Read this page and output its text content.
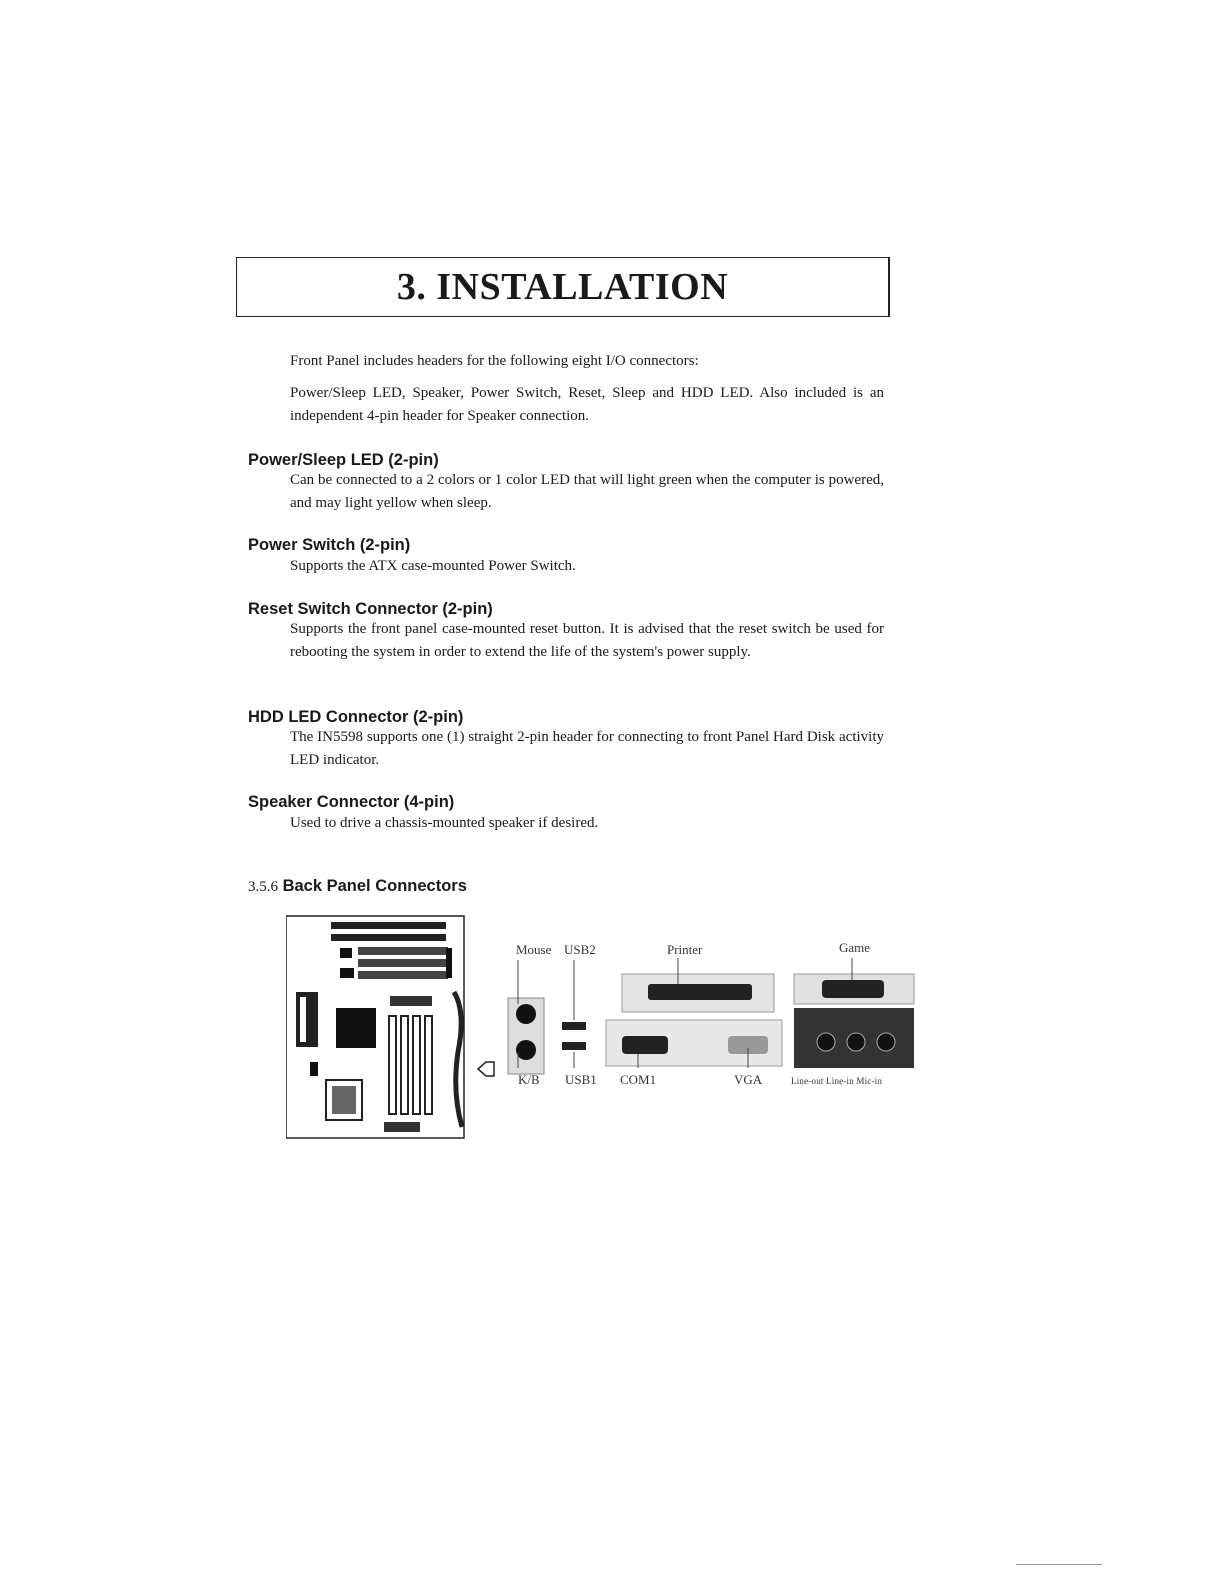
3. INSTALLATION
Front Panel includes headers for the following eight I/O connectors:
Power/Sleep LED, Speaker, Power Switch, Reset, Sleep and HDD LED. Also included is an independent 4-pin header for Speaker connection.
Power/Sleep LED (2-pin)
Can be connected to a 2 colors or 1 color LED that will light green when the computer is powered, and may light yellow when sleep.
Power Switch (2-pin)
Supports the ATX case-mounted Power Switch.
Reset Switch Connector (2-pin)
Supports the front panel case-mounted reset button. It is advised that the reset switch be used for rebooting the system in order to extend the life of the system's power supply.
HDD LED Connector (2-pin)
The IN5598 supports one (1) straight 2-pin header for connecting to front Panel Hard Disk activity LED indicator.
Speaker Connector (4-pin)
Used to drive a chassis-mounted speaker if desired.
3.5.6 Back Panel Connectors
Mouse USB2	Printer	Game
K/B USB1 COM1	VGA	Line-out Line-in Mic-in
